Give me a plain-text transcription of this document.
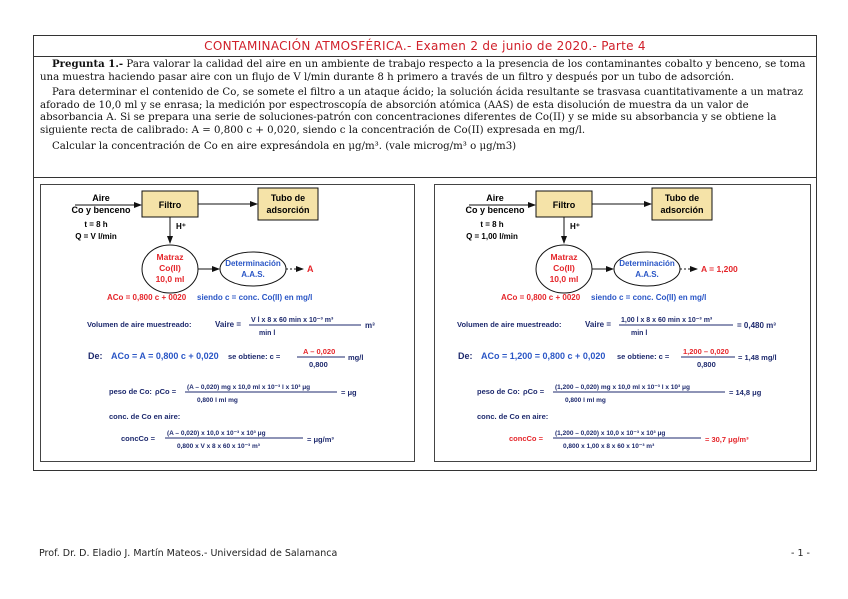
CONTAMINACIÓN ATMOSFÉRICA.- Examen 2 de junio de 2020.- Parte 4

Pregunta 1.- Para valorar la calidad del aire en un ambiente de trabajo respecto a la presencia de los contaminantes cobalto y benceno, se toma una muestra haciendo pasar aire con un flujo de V l/min durante 8 h primero a través de un filtro y después por un tubo de adsorción.

Para determinar el contenido de Co, se somete el filtro a un ataque ácido; la solución ácida resultante se trasvasa cuantitativamente a un matraz aforado de 10,0 ml y se enrasa; la medición por espectroscopía de absorción atómica (AAS) de esta disolución de muestra da un valor de absorbancia A. Si se prepara una serie de soluciones-patrón con concentraciones diferentes de Co(II) y se mide su absorbancia y se obtiene la siguiente recta de calibrado: A = 0,800 c + 0,020, siendo c la concentración de Co(II) expresada en mg/l.

Calcular la concentración de Co en aire expresándola en μg/m³. (vale microg/m³ o μg/m3)

Aire
Co y benceno	Filtro
Tubo de
adsorción
t = 8 h
Q = V l/min
H⁺
Matraz
Co(II)
10,0 ml
Determinación
A.A.S.
A
ACo = 0,800 c + 0020 siendo c = conc. Co(II) en mg/l
Volumen de aire muestreado:	Vaire = V l x 8 x 60 min x 10⁻³ m³
min l
m³
De: ACo = A = 0,800 c + 0,020 se obtiene: c =
A – 0,020
0,800
mg/l
peso de Co: ρCo = (A – 0,020) mg x 10,0 ml x 10⁻³ l x 10³ μg
0,800 l ml mg
= μg
conc. de Co en aire:
concCo =
(A – 0,020) x 10,0 x 10⁻³ x 10³ μg
0,800 x V x 8 x 60 x 10⁻³ m³
= μg/m³
Aire
Co y benceno	Filtro
Tubo de
adsorción
t = 8 h
Q = 1,00 l/min
H⁺
Matraz
Co(II)
10,0 ml
Determinación
A.A.S.
A = 1,200
ACo = 0,800 c + 0020 siendo c = conc. Co(II) en mg/l
Volumen de aire muestreado:	Vaire = 1,00 l x 8 x 60 min x 10⁻³ m³
min l
= 0,480 m³
De: ACo = 1,200 = 0,800 c + 0,020 se obtiene: c =
1,200 – 0,020
0,800
= 1,48 mg/l
peso de Co: ρCo = (1,200 – 0,020) mg x 10,0 ml x 10⁻³ l x 10³ μg
0,800 l ml mg
= 14,8 μg
conc. de Co en aire:
concCo =
(1,200 – 0,020) x 10,0 x 10⁻³ x 10³ μg
0,800 x 1,00 x 8 x 60 x 10⁻³ m³
= 30,7 μg/m³
Prof. Dr. D. Eladio J. Martín Mateos.- Universidad de Salamanca	- 1 -
